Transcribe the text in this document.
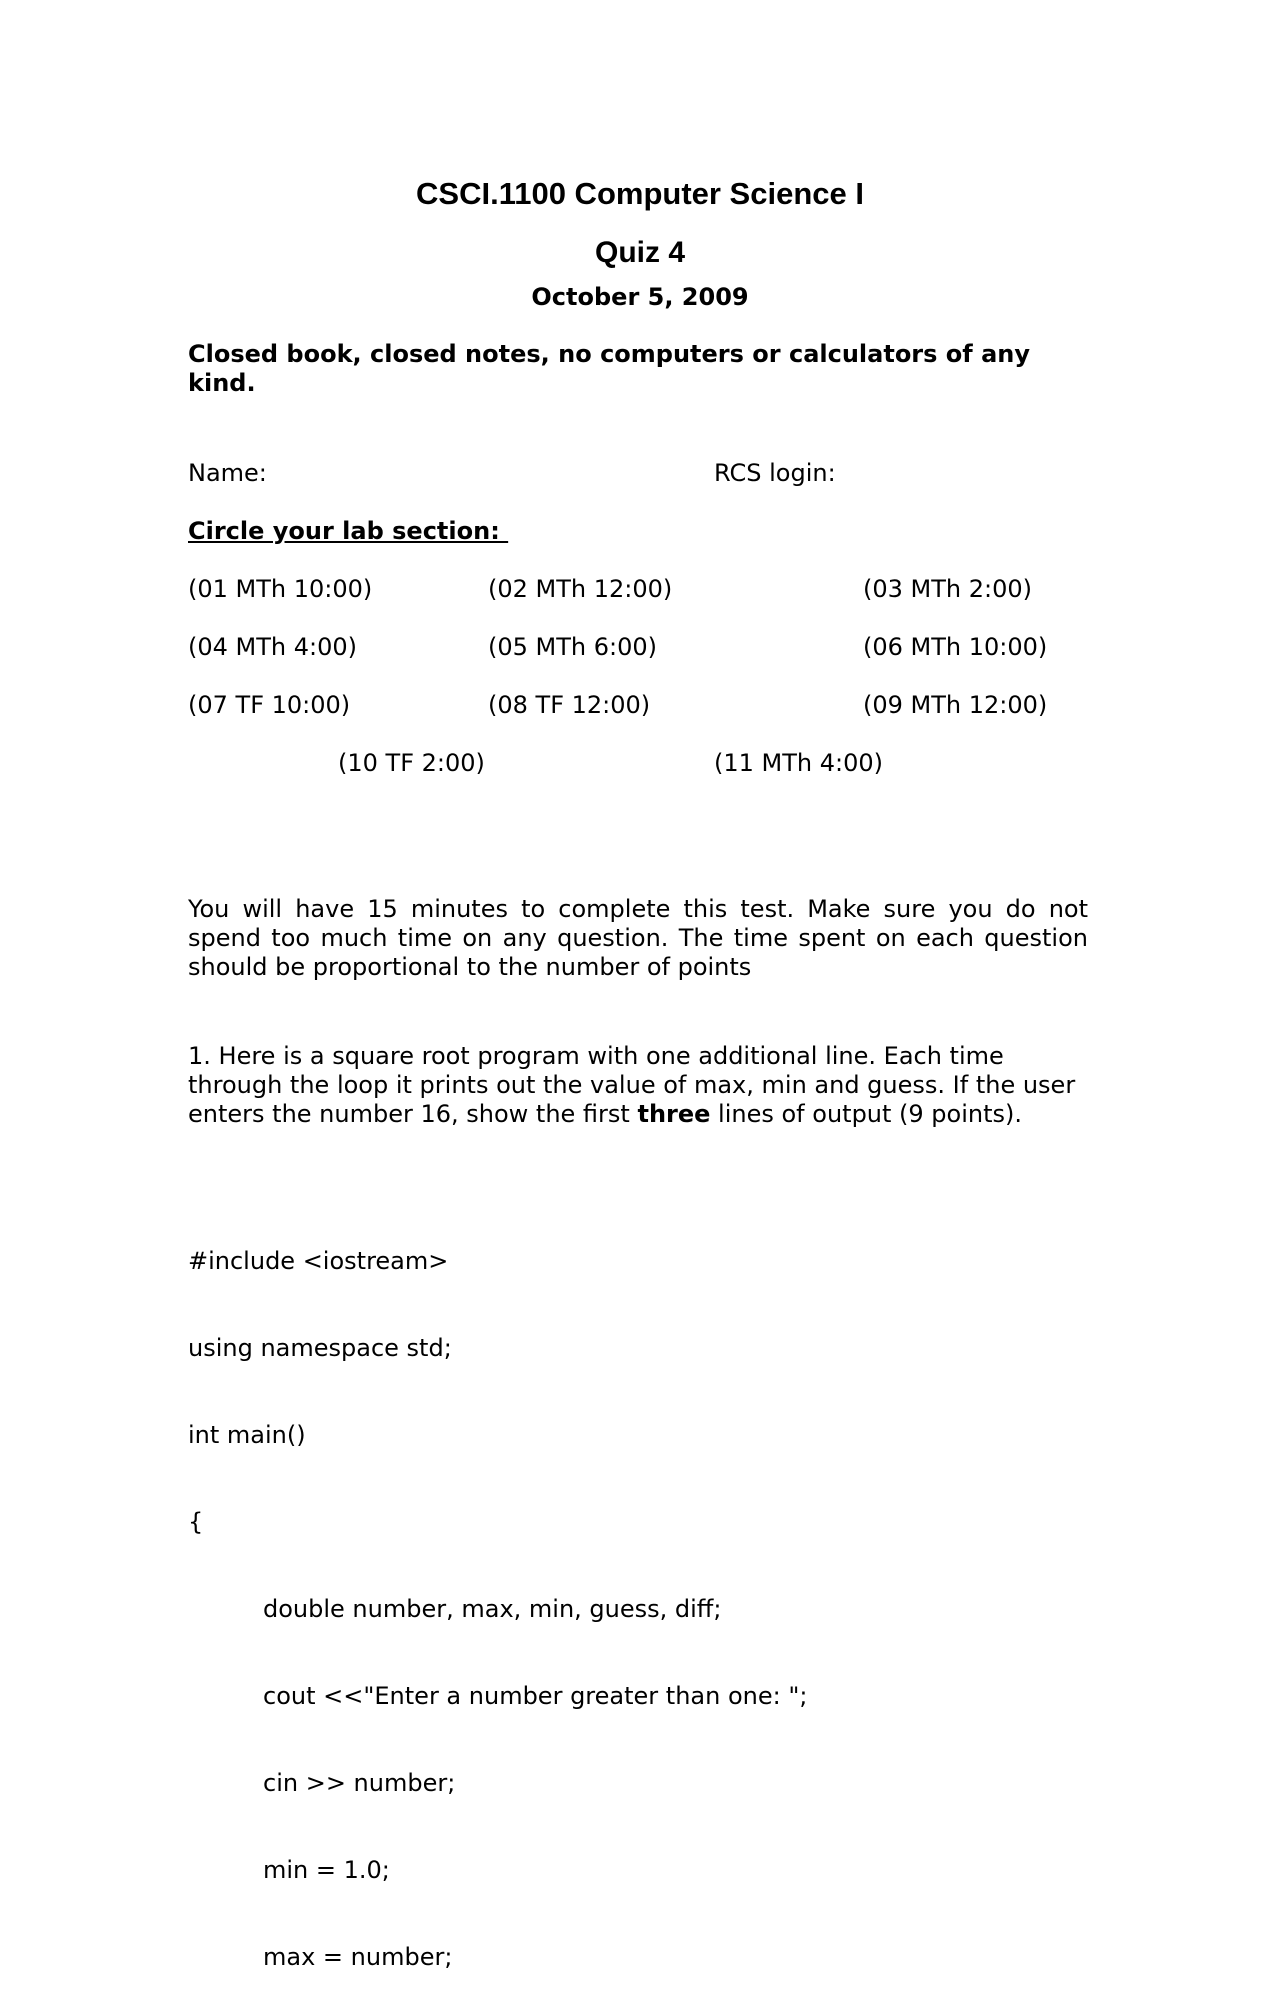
CSCI.1100 Computer Science I
Quiz 4
October 5, 2009
Closed book, closed notes, no computers or calculators of any kind.
Name:	RCS login:
Circle your lab section:
(01 MTh 10:00)	(02 MTh 12:00)	(03 MTh 2:00)
(04 MTh 4:00)	(05 MTh 6:00)	(06 MTh 10:00)
(07 TF 10:00)	(08 TF 12:00)	(09 MTh 12:00)
(10 TF 2:00)	(11 MTh 4:00)
You will have 15 minutes to complete this test. Make sure you do not spend too much time on any question. The time spent on each question should be proportional to the number of points
1. Here is a square root program with one additional line. Each time through the loop it prints out the value of max, min and guess. If the user enters the number 16, show the first three lines of output (9 points).

#include <iostream>

using namespace std;

int main()

{

double number, max, min, guess, diff;

cout <<"Enter a number greater than one: ";

cin >> number;

min = 1.0;

max = number;
